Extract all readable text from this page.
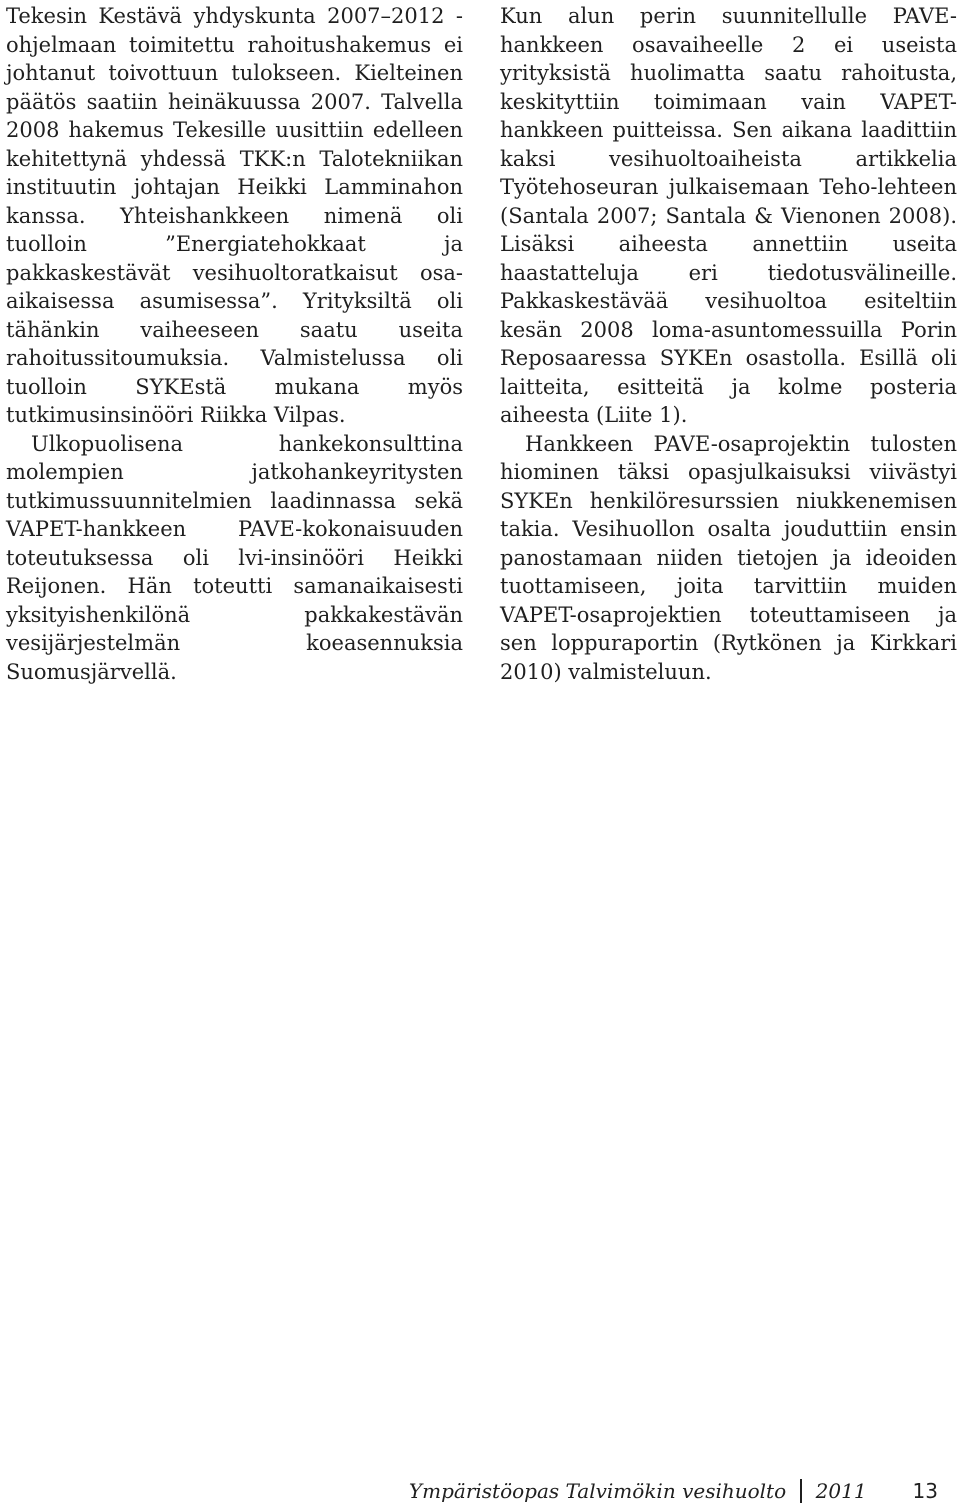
Tekesin Kestävä yhdyskunta 2007–2012 -ohjelmaan toimitettu rahoitushakemus ei johtanut toivottuun tulokseen. Kielteinen päätös saatiin heinäkuussa 2007. Talvella 2008 hakemus Tekesille uusittiin edelleen kehitettynä yhdessä TKK:n Talotekniikan instituutin johtajan Heikki Lamminahon kanssa. Yhteishankkeen nimenä oli tuolloin ”Energiatehokkaat ja pakkaskestävät vesihuoltoratkaisut osa-aikaisessa asumisessa”. Yrityksiltä oli tähänkin vaiheeseen saatu useita rahoitussitoumuksia. Valmistelussa oli tuolloin SYKEstä mukana myös tutkimusinsinööri Riikka Vilpas.

Ulkopuolisena hankekonsulttina molempien jatkohankeyritysten tutkimussuunnitelmien laadinnassa sekä VAPET-hankkeen PAVE-kokonaisuuden toteutuksessa oli lvi-insinööri Heikki Reijonen. Hän toteutti samanaikaisesti yksityishenkilönä pakkakestävän vesijärjestelmän koeasennuksia Suomusjärvellä.

Kun alun perin suunnitellulle PAVE-hankkeen osavaiheelle 2 ei useista yrityksistä huolimatta saatu rahoitusta, keskityttiin toimimaan vain VAPET-hankkeen puitteissa. Sen aikana laadittiin kaksi vesihuoltoaiheista artikkelia Työtehoseuran julkaisemaan Teho-lehteen (Santala 2007; Santala & Vienonen 2008). Lisäksi aiheesta annettiin useita haastatteluja eri tiedotusvälineille. Pakkaskestävää vesihuoltoa esiteltiin kesän 2008 loma-asuntomessuilla Porin Reposaaressa SYKEn osastolla. Esillä oli laitteita, esitteitä ja kolme posteria aiheesta (Liite 1).

Hankkeen PAVE-osaprojektin tulosten hiominen täksi opasjulkaisuksi viivästyi SYKEn henkilöresurssien niukkenemisen takia. Vesihuollon osalta jouduttiin ensin panostamaan niiden tietojen ja ideoiden tuottamiseen, joita tarvittiin muiden VAPET-osaprojektien toteuttamiseen ja sen loppuraportin (Rytkönen ja Kirkkari 2010) valmisteluun.

Ympäristöopas Talvimökin vesihuolto 2011 13
